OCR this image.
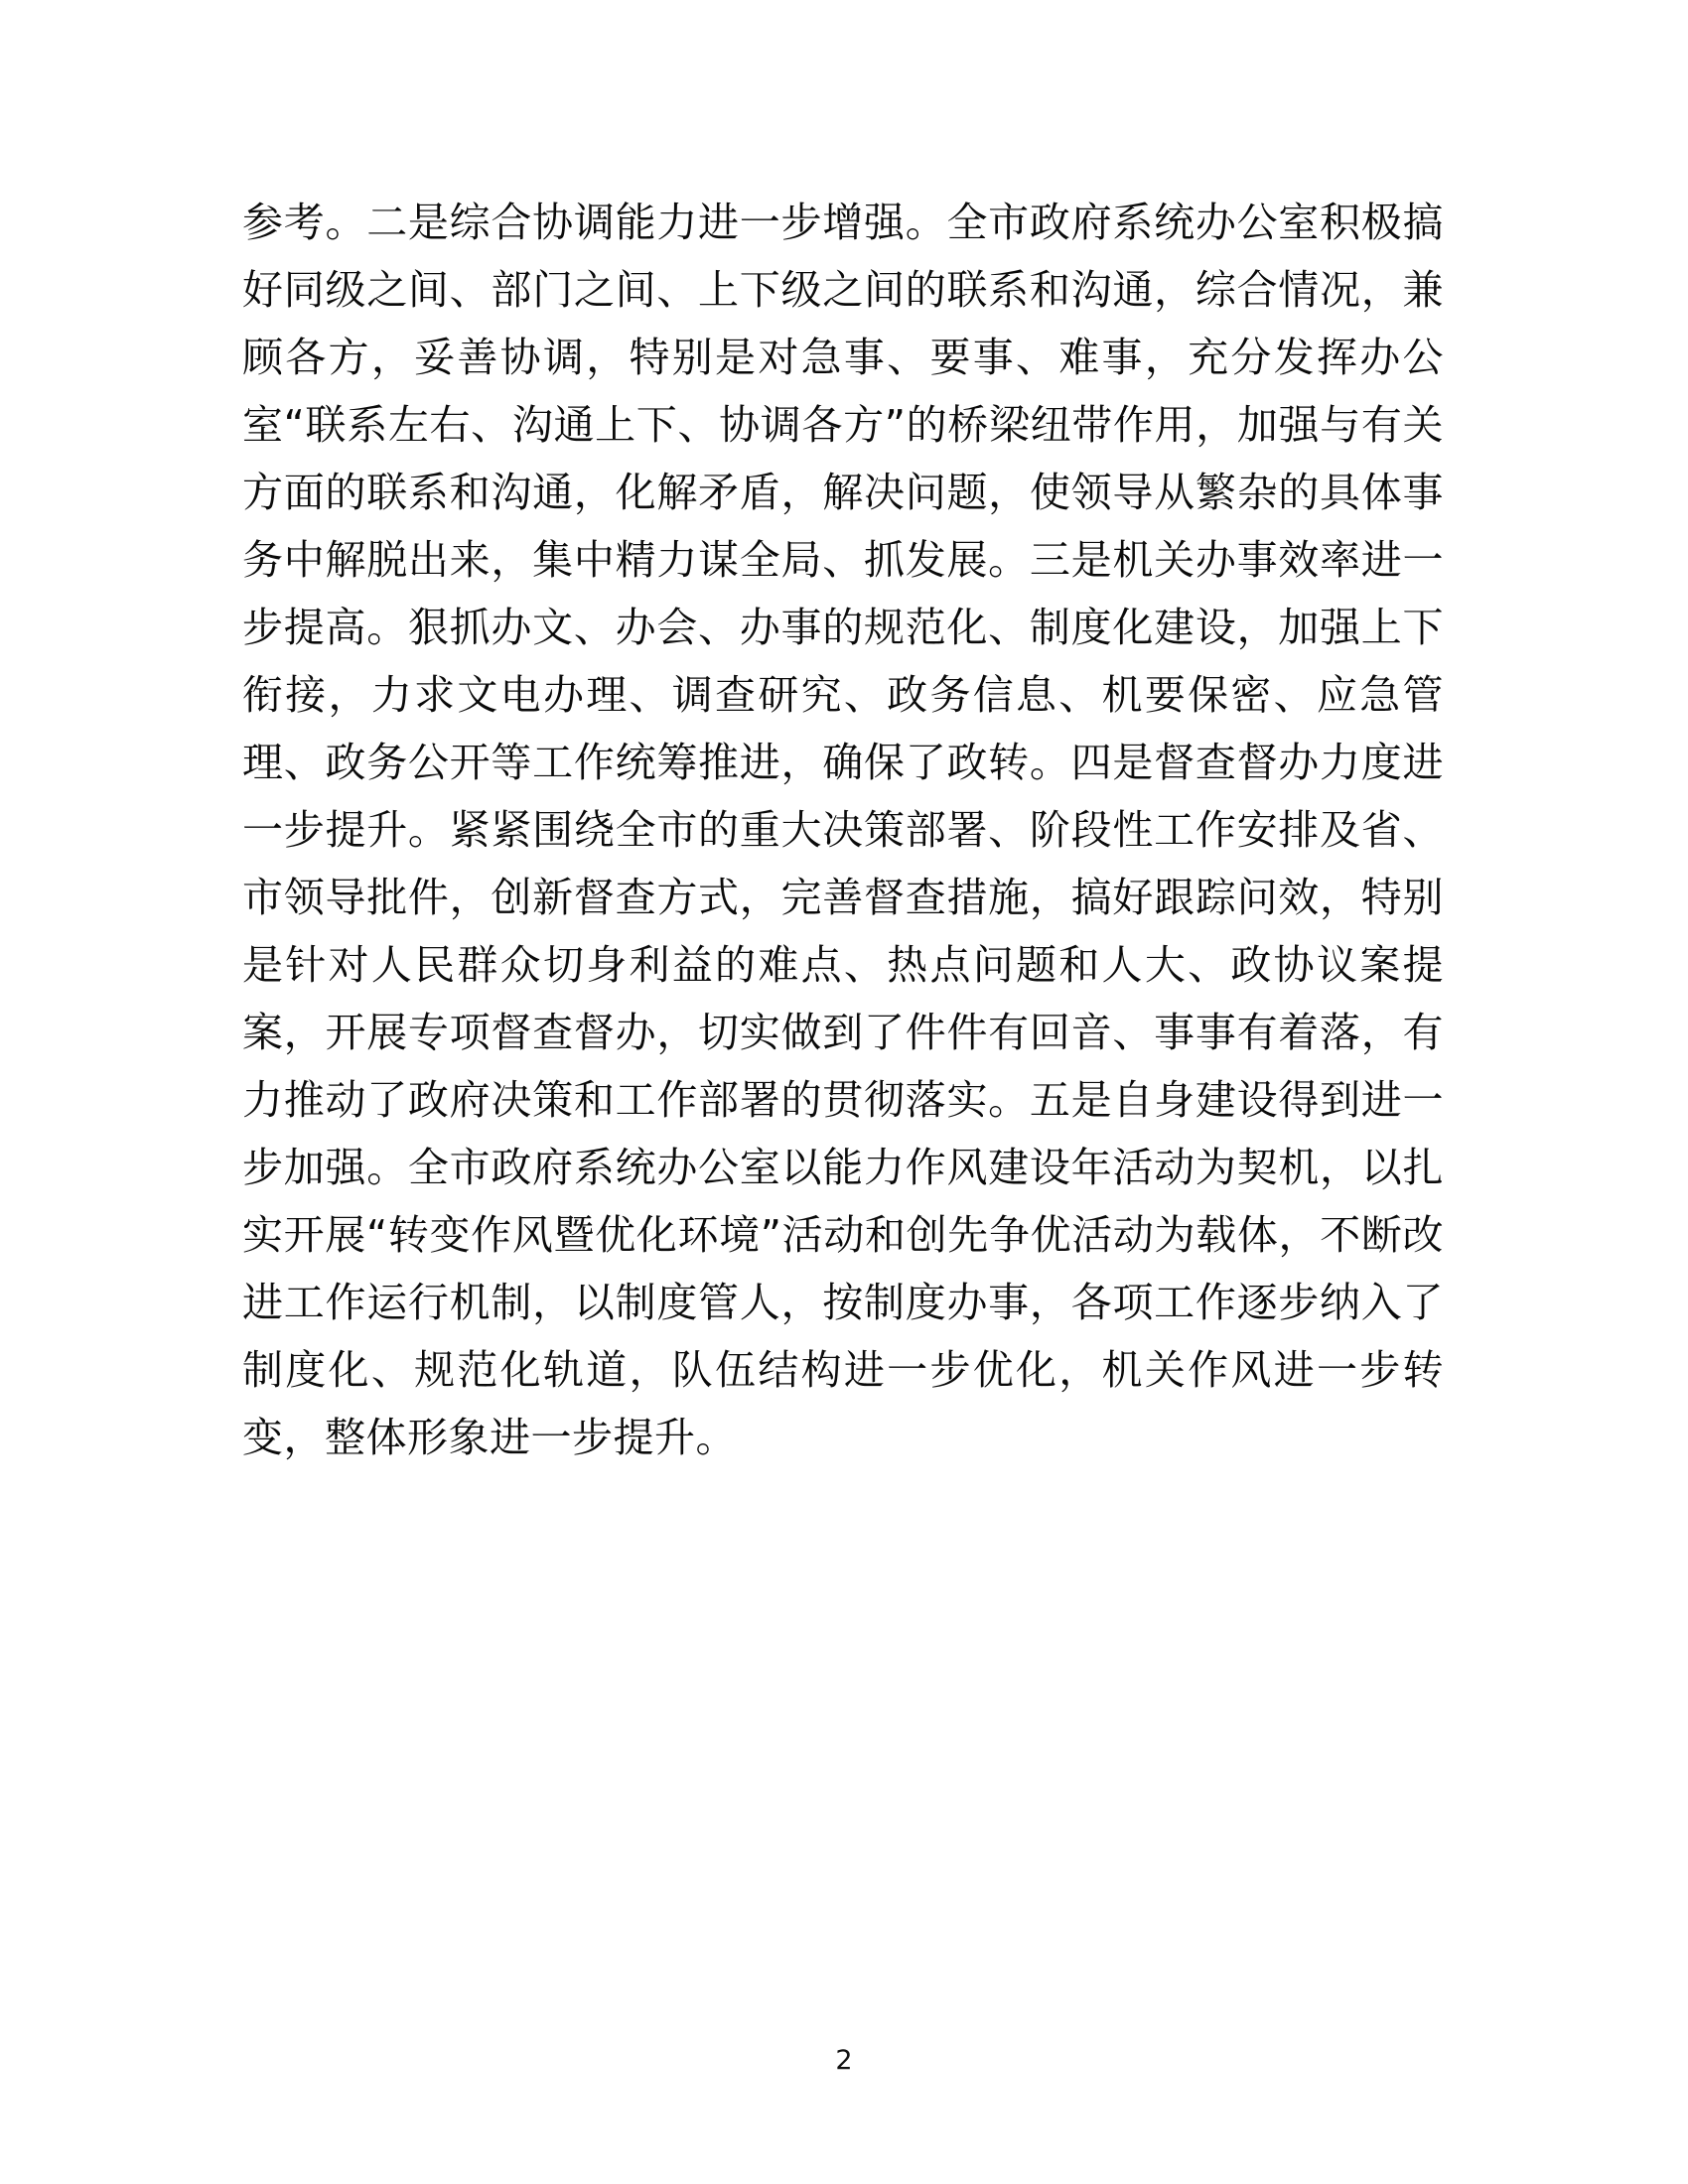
参考。二是综合协调能力进一步增强。全市政府系统办公室积极搞好同级之间、部门之间、上下级之间的联系和沟通，综合情况，兼顾各方，妥善协调，特别是对急事、要事、难事，充分发挥办公室“联系左右、沟通上下、协调各方”的桥梁纽带作用，加强与有关方面的联系和沟通，化解矛盾，解决问题，使领导从繁杂的具体事务中解脱出来，集中精力谋全局、抓发展。三是机关办事效率进一步提高。狠抓办文、办会、办事的规范化、制度化建设，加强上下衔接，力求文电办理、调查研究、政务信息、机要保密、应急管理、政务公开等工作统筹推进，确保了政转。四是督查督办力度进一步提升。紧紧围绕全市的重大决策部署、阶段性工作安排及省、市领导批件，创新督查方式，完善督查措施，搞好跟踪问效，特别是针对人民群众切身利益的难点、热点问题和人大、政协议案提案，开展专项督查督办，切实做到了件件有回音、事事有着落，有力推动了政府决策和工作部署的贯彻落实。五是自身建设得到进一步加强。全市政府系统办公室以能力作风建设年活动为契机，以扎实开展“转变作风暨优化环境”活动和创先争优活动为载体，不断改进工作运行机制，以制度管人，按制度办事，各项工作逐步纳入了制度化、规范化轨道，队伍结构进一步优化，机关作风进一步转变，整体形象进一步提升。
2
